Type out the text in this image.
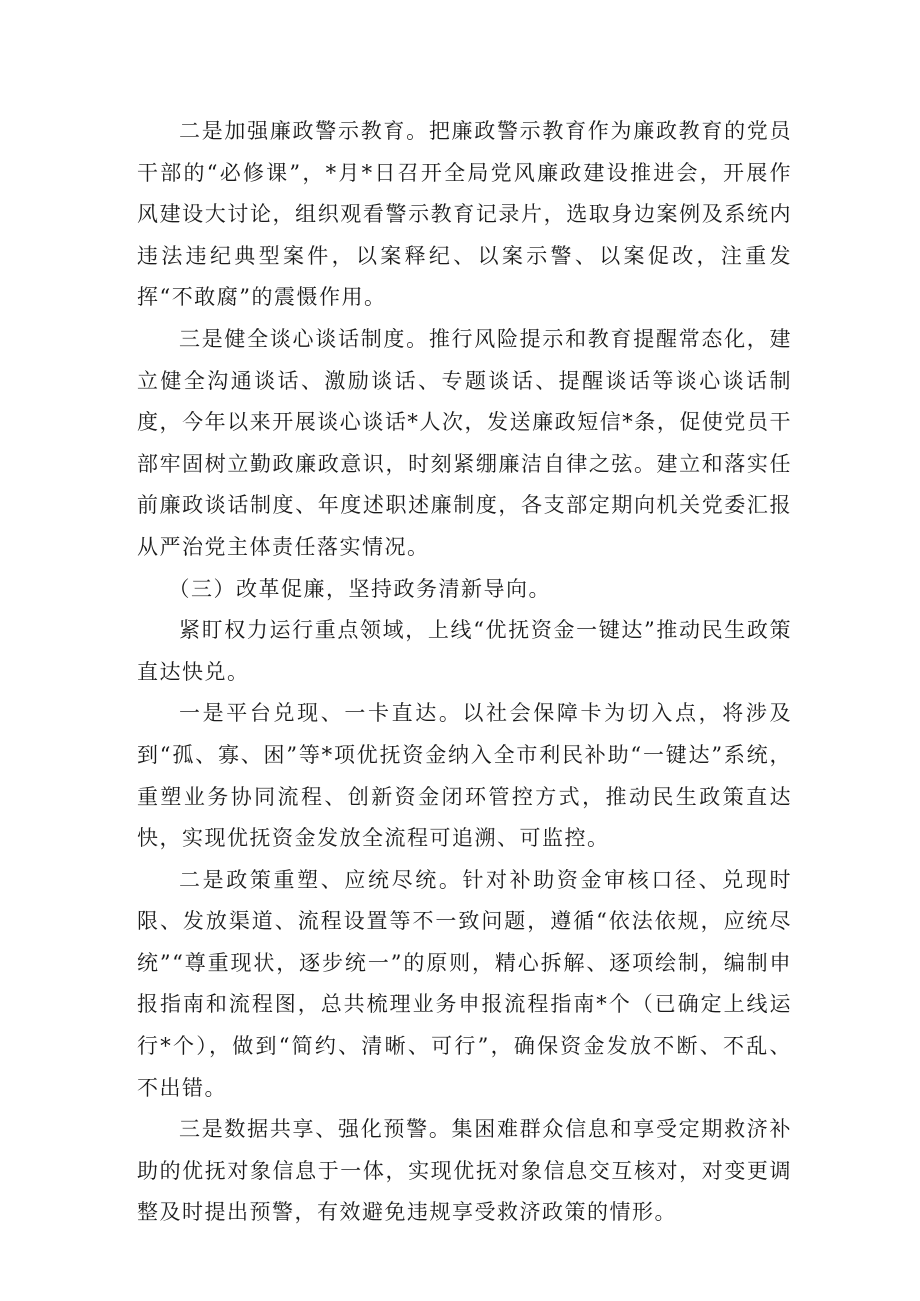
二是加强廉政警示教育。把廉政警示教育作为廉政教育的党员干部的“必修课”，*月*日召开全局党风廉政建设推进会，开展作风建设大讨论，组织观看警示教育记录片，选取身边案例及系统内违法违纪典型案件，以案释纪、以案示警、以案促改，注重发挥“不敢腐”的震慑作用。

三是健全谈心谈话制度。推行风险提示和教育提醒常态化，建立健全沟通谈话、激励谈话、专题谈话、提醒谈话等谈心谈话制度，今年以来开展谈心谈话*人次，发送廉政短信*条，促使党员干部牢固树立勤政廉政意识，时刻紧绷廉洁自律之弦。建立和落实任前廉政谈话制度、年度述职述廉制度，各支部定期向机关党委汇报从严治党主体责任落实情况。

（三）改革促廉，坚持政务清新导向。

紧盯权力运行重点领域，上线“优抚资金一键达”推动民生政策直达快兑。

一是平台兑现、一卡直达。以社会保障卡为切入点，将涉及到“孤、寡、困”等*项优抚资金纳入全市利民补助“一键达”系统，重塑业务协同流程、创新资金闭环管控方式，推动民生政策直达快，实现优抚资金发放全流程可追溯、可监控。

二是政策重塑、应统尽统。针对补助资金审核口径、兑现时限、发放渠道、流程设置等不一致问题，遵循“依法依规，应统尽统”“尊重现状，逐步统一”的原则，精心拆解、逐项绘制，编制申报指南和流程图，总共梳理业务申报流程指南*个（已确定上线运行*个），做到“简约、清晰、可行”，确保资金发放不断、不乱、不出错。

三是数据共享、强化预警。集困难群众信息和享受定期救济补助的优抚对象信息于一体，实现优抚对象信息交互核对，对变更调整及时提出预警，有效避免违规享受救济政策的情形。
